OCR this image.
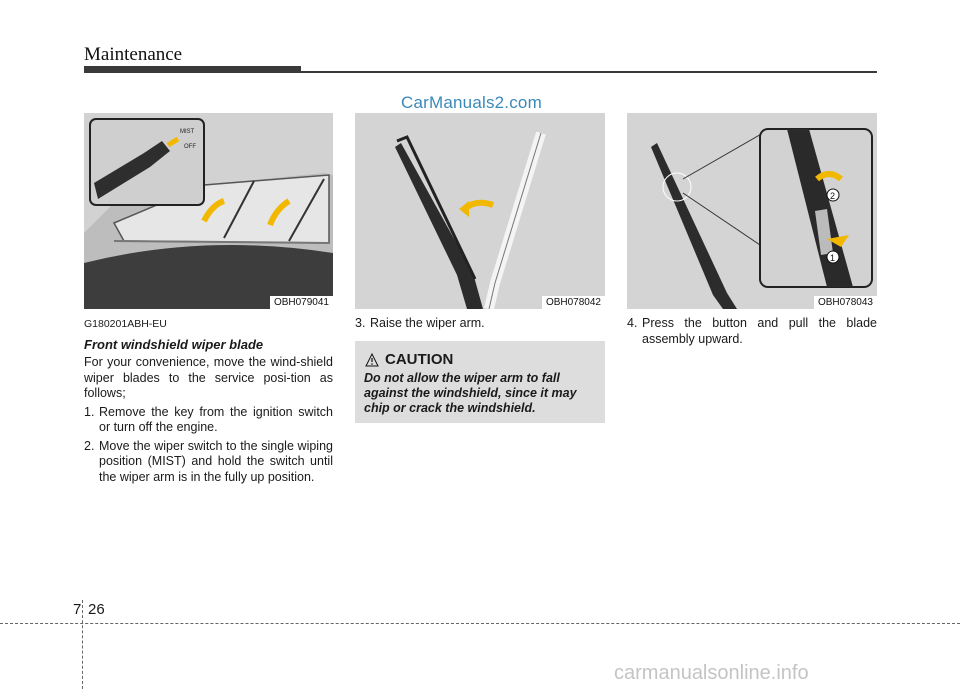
Maintenance
CarManuals2.com
MIST
OFF
OBH079041	OBH078042
2
1
OBH078043
G180201ABH-EU
Front windshield wiper blade
For your convenience, move the wind-shield wiper blades to the service posi-tion as follows;
1. Remove the key from the ignition switch or turn off the engine.
2. Move the wiper switch to the single wiping position (MIST) and hold the switch until the wiper arm is in the fully up position.
3. Raise the wiper arm.
CAUTION
Do not allow the wiper arm to fall against the windshield, since it may chip or crack the windshield.
4. Press the button and pull the blade assembly upward.
7 26
carmanualsonline.info
